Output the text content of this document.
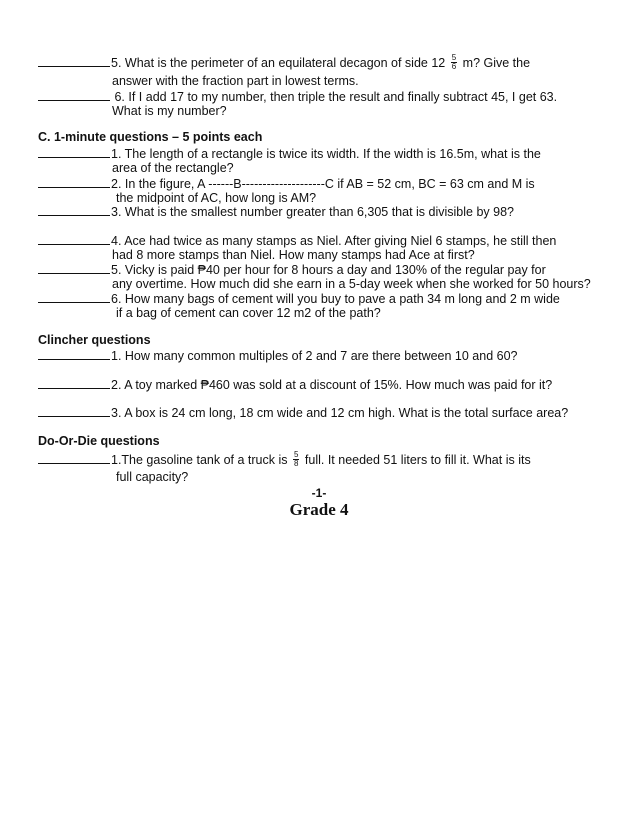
5. What is the perimeter of an equilateral decagon of side $12 \frac{5}{6} m$? Give the
answer with the fraction part in lowest terms.
6. If I add 17 to my number, then triple the result and finally subtract 45, I get 63.
What is my number?
C. 1-minute questions – 5 points each
1. The length of a rectangle is twice its width. If the width is 16.5m, what is the
area of the rectangle?
2. In the figure, A ------B--------------------C if AB = 52 cm, BC = 63 cm and M is
the midpoint of AC, how long is AM?
3. What is the smallest number greater than 6,305 that is divisible by 98?
4. Ace had twice as many stamps as Niel. After giving Niel 6 stamps, he still then
had 8 more stamps than Niel. How many stamps had Ace at first?
5. Vicky is paid ₱40 per hour for 8 hours a day and 130% of the regular pay for
any overtime. How much did she earn in a 5-day week when she worked for 50 hours?
6. How many bags of cement will you buy to pave a path 34 m long and 2 m wide
if a bag of cement can cover 12 m2 of the path?
Clincher questions
1. How many common multiples of 2 and 7 are there between 10 and 60?
2. A toy marked ₱460 was sold at a discount of 15%. How much was paid for it?
3. A box is 24 cm long, 18 cm wide and 12 cm high. What is the total surface area?
Do-Or-Die questions
1.The gasoline tank of a truck is $\frac{5}{8}$ full. It needed 51 liters to fill it. What is its
full capacity?
-1-
Grade 4
